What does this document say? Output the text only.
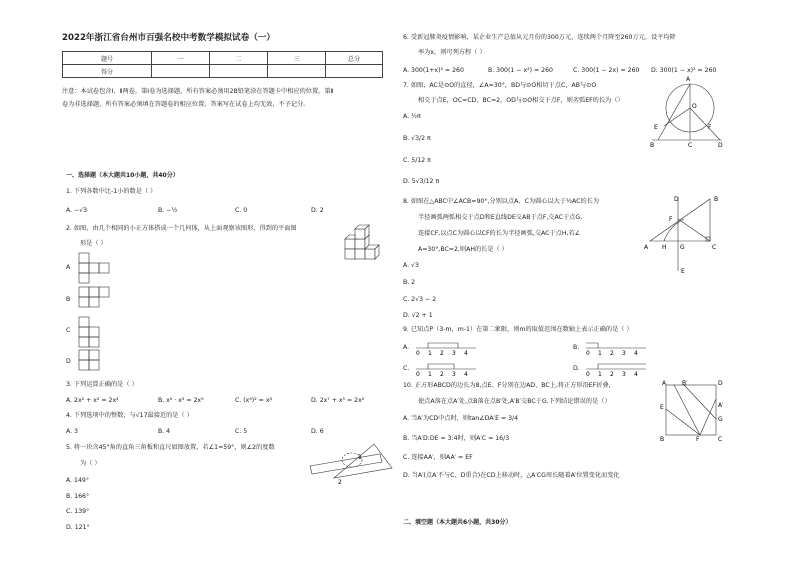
2022年浙江省台州市百强名校中考数学模拟试卷（一）
题号	一	二	三	总分
得分				
注意：本试卷包含Ⅰ、Ⅱ两卷。第Ⅰ卷为选择题，所有答案必须用2B铅笔涂在答题卡中相应的位置。第Ⅱ
卷为非选择题，所有答案必须填在答题卷的相应位置。答案写在试卷上均无效，不予记分。
一、选择题（本大题共10小题，共40分）
1. 下列各数中比-1小的数是（ ）
A. −√3	B. −½	C. 0	D. 2
2. 如图，由几个相同的小正方体搭成一个几何体，从上面观察该图形，得到的平面图
形是（ ）
A
B
C
D
3. 下列运算正确的是（ ）
A. 2x² + x² = 2x⁴	B. x⁶ · x³ = 2x⁹	C. (x⁴)² = x⁸	D. 2x⁷ + x⁵ = 2x²
4. 下列选项中的整数，与√17最接近的是（ ）
A. 3	B. 4	C. 5	D. 6
5. 将一块含45°角的直角三角板和直尺如图放置，若∠1=59°，则∠2的度数
为（ ）
1
2
A. 149°
B. 166°
C. 139°
D. 121°
6. 受新冠肺炎疫情影响，某企业生产总值从元月份的300万元，连续两个月降至260万元，设平均降
率为x，则可列方程（ ）
A. 300(1+x)² = 260	B. 300(1 − x²) = 260	C. 300(1 − 2x) = 260 D. 300(1 − x)² = 260
7. 如图，AC是⊙O的直径，∠A=30°，BD与⊙O相切于点C，AB与⊙O
相交于点E，OC=CD，BC=2，OD与⊙O相交于点F，则劣弧EF的长为（）
A. ½π
B. √3/2 π
C. 5/12 π
D. 5√3/12 π
A
O
E	F
B	C	D
8. 如图在△ABC中∠ACB=90°,分别以点A、C为圆心以大于½AC的长为
半径画弧两弧相交于点D和E直线DE交AB于点F,交AC于点G,
连接CF,以点C为圆心以CF的长为半径画弧,交AC于点H,若∠
A=30°,BC=2,则AH的长是（ ）
A. √3
B. 2
C. 2√3 − 2
D. √2 + 1
D	B
F
A H G	C
E
9. 已知点P（3-m，m-1）在第二象限，则m的取值范围在数轴上表示正确的是（ ）
A.	B.
C.	D.
0 1 2 3 4	0 1 2 3 4
0 1 2 3 4	0 1 2 3 4
10. 正方形ABCD的边长为8,点E、F分别在边AD、BC上,将正方形沿EF折叠,
使点A落在点A′处,点B落在点B′处,A′B′交BC于G.下列结论错误的是（）
A. 当A′为CD中点时，则tan∠DA′E = 3/4
B. 当A′D:DE = 3:4时，则A′C = 16/3
C. 连接AA′，则AA′ = EF
D. 当A′(点A′不与C、D重合)在CD上移动时，△A′CG周长随着A′位置变化而变化
A	B′	D
E	A′
G
F	C
B
二、填空题（本大题共6小题，共30分）
